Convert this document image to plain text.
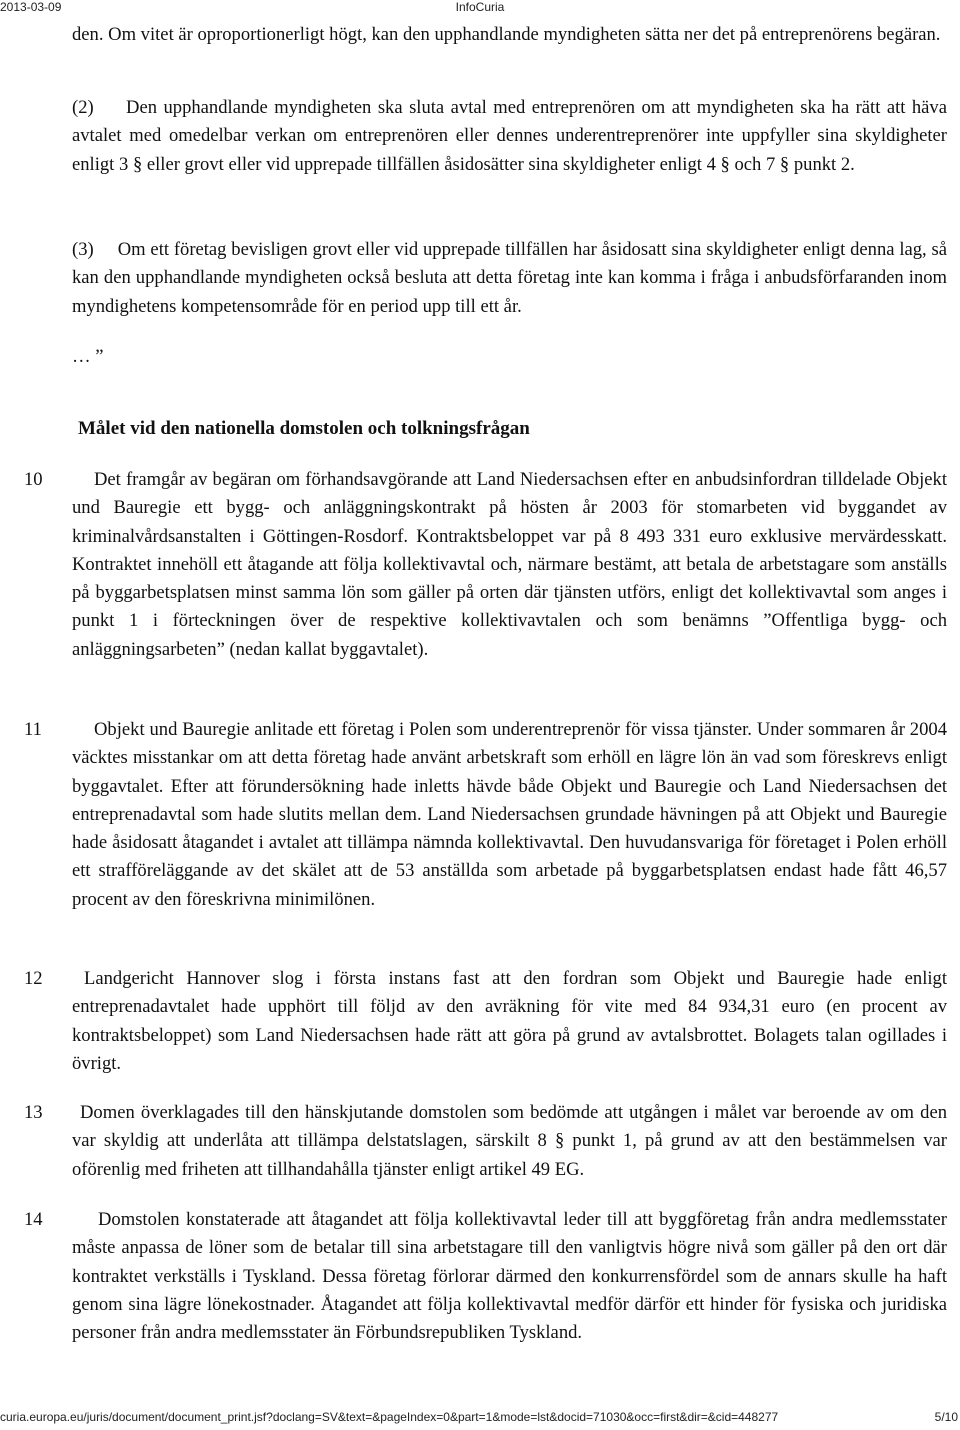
2013-03-09	InfoCuria
den. Om vitet är oproportionerligt högt, kan den upphandlande myndigheten sätta ner det på entreprenörens begäran.
(2)     Den upphandlande myndigheten ska sluta avtal med entreprenören om att myndigheten ska ha rätt att häva avtalet med omedelbar verkan om entreprenören eller dennes underentreprenörer inte uppfyller sina skyldigheter enligt 3 § eller grovt eller vid upprepade tillfällen åsidosätter sina skyldigheter enligt 4 § och 7 § punkt 2.
(3)     Om ett företag bevisligen grovt eller vid upprepade tillfällen har åsidosatt sina skyldigheter enligt denna lag, så kan den upphandlande myndigheten också besluta att detta företag inte kan komma i fråga i anbudsförfaranden inom myndighetens kompetensområde för en period upp till ett år.
… ”
Målet vid den nationella domstolen och tolkningsfrågan
10	Det framgår av begäran om förhandsavgörande att Land Niedersachsen efter en anbudsinfordran tilldelade Objekt und Bauregie ett bygg- och anläggningskontrakt på hösten år 2003 för stomarbeten vid byggandet av kriminalvårdsanstalten i Göttingen-Rosdorf. Kontraktsbeloppet var på 8 493 331 euro exklusive mervärdesskatt. Kontraktet innehöll ett åtagande att följa kollektivavtal och, närmare bestämt, att betala de arbetstagare som anställs på byggarbetsplatsen minst samma lön som gäller på orten där tjänsten utförs, enligt det kollektivavtal som anges i punkt 1 i förteckningen över de respektive kollektivavtalen och som benämns ”Offentliga bygg- och anläggningsarbeten” (nedan kallat byggavtalet).
11	Objekt und Bauregie anlitade ett företag i Polen som underentreprenör för vissa tjänster. Under sommaren år 2004 väcktes misstankar om att detta företag hade använt arbetskraft som erhöll en lägre lön än vad som föreskrevs enligt byggavtalet. Efter att förundersökning hade inletts hävde både Objekt und Bauregie och Land Niedersachsen det entreprenadavtal som hade slutits mellan dem. Land Niedersachsen grundade hävningen på att Objekt und Bauregie hade åsidosatt åtagandet i avtalet att tillämpa nämnda kollektivavtal. Den huvudansvariga för företaget i Polen erhöll ett strafföreläggande av det skälet att de 53 anställda som arbetade på byggarbetsplatsen endast hade fått 46,57 procent av den föreskrivna minimilönen.
12	Landgericht Hannover slog i första instans fast att den fordran som Objekt und Bauregie hade enligt entreprenadavtalet hade upphört till följd av den avräkning för vite med 84 934,31 euro (en procent av kontraktsbeloppet) som Land Niedersachsen hade rätt att göra på grund av avtalsbrottet. Bolagets talan ogillades i övrigt.
13	Domen överklagades till den hänskjutande domstolen som bedömde att utgången i målet var beroende av om den var skyldig att underlåta att tillämpa delstatslagen, särskilt 8 § punkt 1, på grund av att den bestämmelsen var oförenlig med friheten att tillhandahålla tjänster enligt artikel 49 EG.
14	Domstolen konstaterade att åtagandet att följa kollektivavtal leder till att byggföretag från andra medlemsstater måste anpassa de löner som de betalar till sina arbetstagare till den vanligtvis högre nivå som gäller på den ort där kontraktet verkställs i Tyskland. Dessa företag förlorar därmed den konkurrensfördel som de annars skulle ha haft genom sina lägre lönekostnader. Åtagandet att följa kollektivavtal medför därför ett hinder för fysiska och juridiska personer från andra medlemsstater än Förbundsrepubliken Tyskland.
curia.europa.eu/juris/document/document_print.jsf?doclang=SV&text=&pageIndex=0&part=1&mode=lst&docid=71030&occ=first&dir=&cid=448277	5/10
